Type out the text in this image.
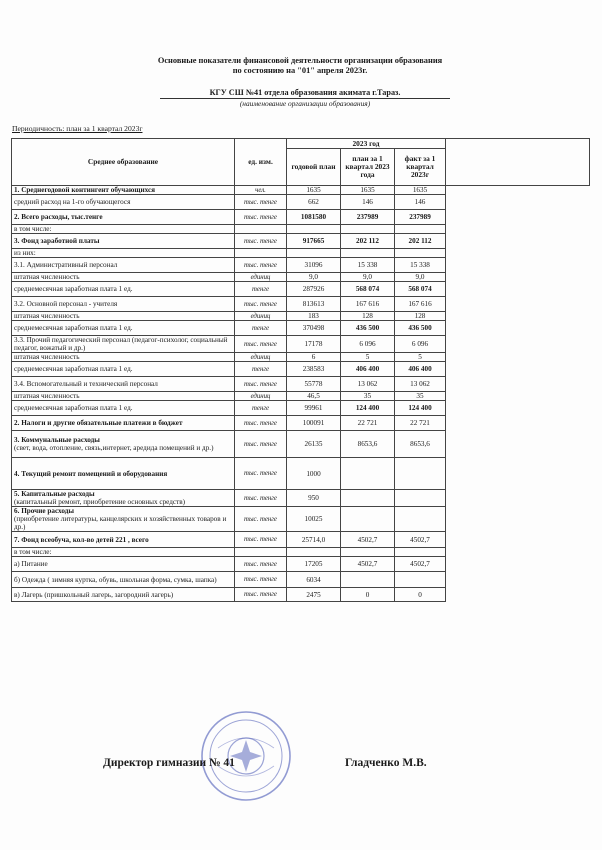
Основные показатели финансовой деятельности организации образования
по состоянию на "01" апреля 2023г.
КГУ СШ №41 отдела образования акимата г.Тараз.
(наименование организации образования)
Периодичность: план за 1 квартал 2023г
Среднее образование	ед. изм.	2023 год			
		годовой план	план за 1 квартал 2023 года	факт за 1 квартал 2023г	
1. Среднегодовой контингент обучающихся	чел.	1635	1635	1635	
средний расход на 1-го обучающегося	тыс. тенге	662	146	146	
2. Всего расходы, тыс.тенге	тыс. тенге	1081580	237989	237989	
в том числе:					
3. Фонд заработной платы	тыс. тенге	917665	202 112	202 112	
из них:					
3.1. Административный персонал	тыс. тенге	31096	15 338	15 338	
штатная численность	единиц	9,0	9,0	9,0	
среднемесячная заработная плата 1 ед.	тенге	287926	568 074	568 074	
3.2. Основной персонал - учителя	тыс. тенге	813613	167 616	167 616	
штатная численность	единиц	183	128	128	
среднемесячная заработная плата 1 ед.	тенге	370498	436 500	436 500	
3.3. Прочий педагогический персонал (педагог-психолог, социальный педагог, вожатый и др.)	тыс. тенге	17178	6 096	6 096	
штатная численность	единиц	6	5	5	
среднемесячная заработная плата 1 ед.	тенге	238583	406 400	406 400	
3.4. Вспомогательный и технический персонал	тыс. тенге	55778	13 062	13 062	
штатная численность	единиц	46,5	35	35	
среднемесячная заработная плата 1 ед.	тенге	99961	124 400	124 400	
2. Налоги и другие обязательные платежи в бюджет	тыс. тенге	100091	22 721	22 721	
3. Коммунальные расходы
(свет, вода, отопление, связь,интернет, аредида помещений и др.)	тыс. тенге	26135	8653,6	8653,6	
4. Текущий ремонт помещений и оборудования	тыс. тенге	1000			
5. Капитальные расходы
(капитальный ремонт, приобретение основных средств)	тыс. тенге	950			
6. Прочие расходы
(приобретение литературы, канцелярских и хозяйственных товаров и др.)	тыс. тенге	10025			
7. Фонд всеобуча, кол-во детей 221 , всего	тыс. тенге	25714,0	4502,7	4502,7	
в том числе:					
а) Питание	тыс. тенге	17205	4502,7	4502,7	
б) Одежда ( зимняя куртка, обувь, школьная форма, сумка, шапка)	тыс. тенге	6034			
в) Лагерь (пришкольный лагерь, загородний лагерь)	тыс. тенге	2475	0	0	
Директор гимназии № 41	Гладченко М.В.
